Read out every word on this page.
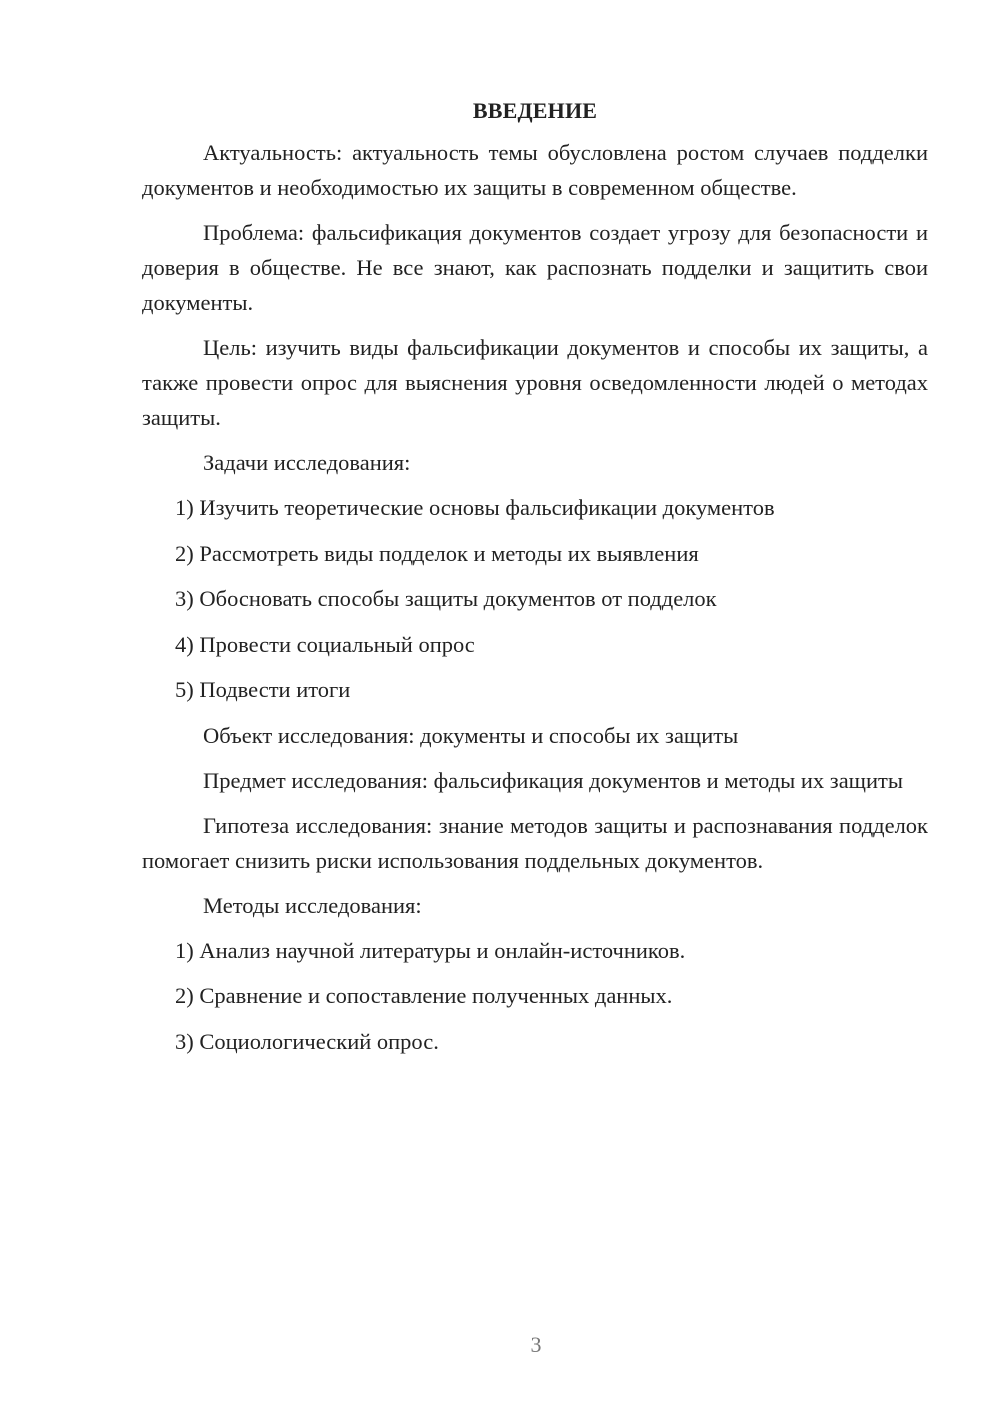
ВВЕДЕНИЕ

Актуальность: актуальность темы обусловлена ростом случаев подделки документов и необходимостью их защиты в современном обществе.

Проблема: фальсификация документов создает угрозу для безопасности и доверия в обществе. Не все знают, как распознать подделки и защитить свои документы.

Цель: изучить виды фальсификации документов и способы их защиты, а также провести опрос для выяснения уровня осведомленности людей о методах защиты.

Задачи исследования:

1) Изучить теоретические основы фальсификации документов
2) Рассмотреть виды подделок и методы их выявления
3) Обосновать способы защиты документов от подделок
4) Провести социальный опрос
5) Подвести итоги

Объект исследования: документы и способы их защиты

Предмет исследования: фальсификация документов и методы их защиты

Гипотеза исследования: знание методов защиты и распознавания подделок помогает снизить риски использования поддельных документов.

Методы исследования:

1) Анализ научной литературы и онлайн-источников.
2) Сравнение и сопоставление полученных данных.
3) Социологический опрос.
3
